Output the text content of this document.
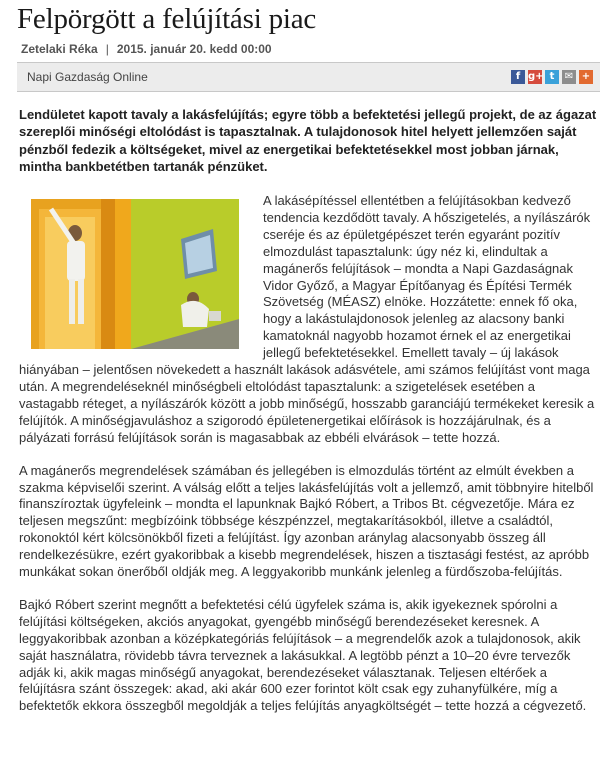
Felpörgött a felújítási piac
Zetelaki Réka | 2015. január 20. kedd 00:00
Napi Gazdaság Online	f g+ t	✉ +

Lendületet kapott tavaly a lakásfelújítás; egyre több a befektetési jellegű projekt, de az ágazat szereplői minőségi eltolódást is tapasztalnak. A tulajdonosok hitel helyett jellemzően saját pénzből fedezik a költségeket, mivel az energetikai befektetésekkel most jobban járnak, mintha bankbetétben tartanák pénzüket.

A lakásépítéssel ellentétben a felújításokban kedvező tendencia kezdődött tavaly. A hőszigetelés, a nyílászárók cseréje és az épületgépészet terén egyaránt pozitív elmozdulást tapasztalunk: úgy néz ki, elindultak a magánerős felújítások – mondta a Napi Gazdaságnak Vidor Győző, a Magyar Építőanyag és Építési Termék Szövetség (MÉASZ) elnöke. Hozzátette: ennek fő oka, hogy a lakástulajdonosok jelenleg az alacsony banki kamatoknál nagyobb hozamot érnek el az energetikai jellegű befektetésekkel. Emellett tavaly – új lakások hiányában – jelentősen növekedett a használt lakások adásvétele, ami számos felújítást vont maga után. A megrendeléseknél minőségbeli eltolódást tapasztalunk: a szigetelések esetében a vastagabb réteget, a nyílászárók között a jobb minőségű, hosszabb garanciájú termékeket keresik a felújítók. A minőségjavuláshoz a szigorodó épületenergetikai előírások is hozzájárulnak, és a pályázati forrású felújítások során is magasabbak az ebbéli elvárások – tette hozzá.

A magánerős megrendelések számában és jellegében is elmozdulás történt az elmúlt években a szakma képviselői szerint. A válság előtt a teljes lakásfelújítás volt a jellemző, amit többnyire hitelből finanszíroztak ügyfeleink – mondta el lapunknak Bajkó Róbert, a Tribos Bt. cégvezetője. Mára ez teljesen megszűnt: megbízóink többsége készpénzzel, megtakarításokból, illetve a családtól, rokonoktól kért kölcsönökből fizeti a felújítást. Így azonban aránylag alacsonyabb összeg áll rendelkezésükre, ezért gyakoribbak a kisebb megrendelések, hiszen a tisztasági festést, az apróbb munkákat sokan önerőből oldják meg. A leggyakoribb munkánk jelenleg a fürdőszoba-felújítás.

Bajkó Róbert szerint megnőtt a befektetési célú ügyfelek száma is, akik igyekeznek spórolni a felújítási költségeken, akciós anyagokat, gyengébb minőségű berendezéseket keresnek. A leggyakoribbak azonban a középkategóriás felújítások – a megrendelők azok a tulajdonosok, akik saját használatra, rövidebb távra terveznek a lakásukkal. A legtöbb pénzt a 10–20 évre tervezők adják ki, akik magas minőségű anyagokat, berendezéseket választanak. Teljesen eltérőek a felújításra szánt összegek: akad, aki akár 600 ezer forintot költ csak egy zuhanyfülkére, míg a befektetők ekkora összegből megoldják a teljes felújítás anyagköltségét – tette hozzá a cégvezető.
